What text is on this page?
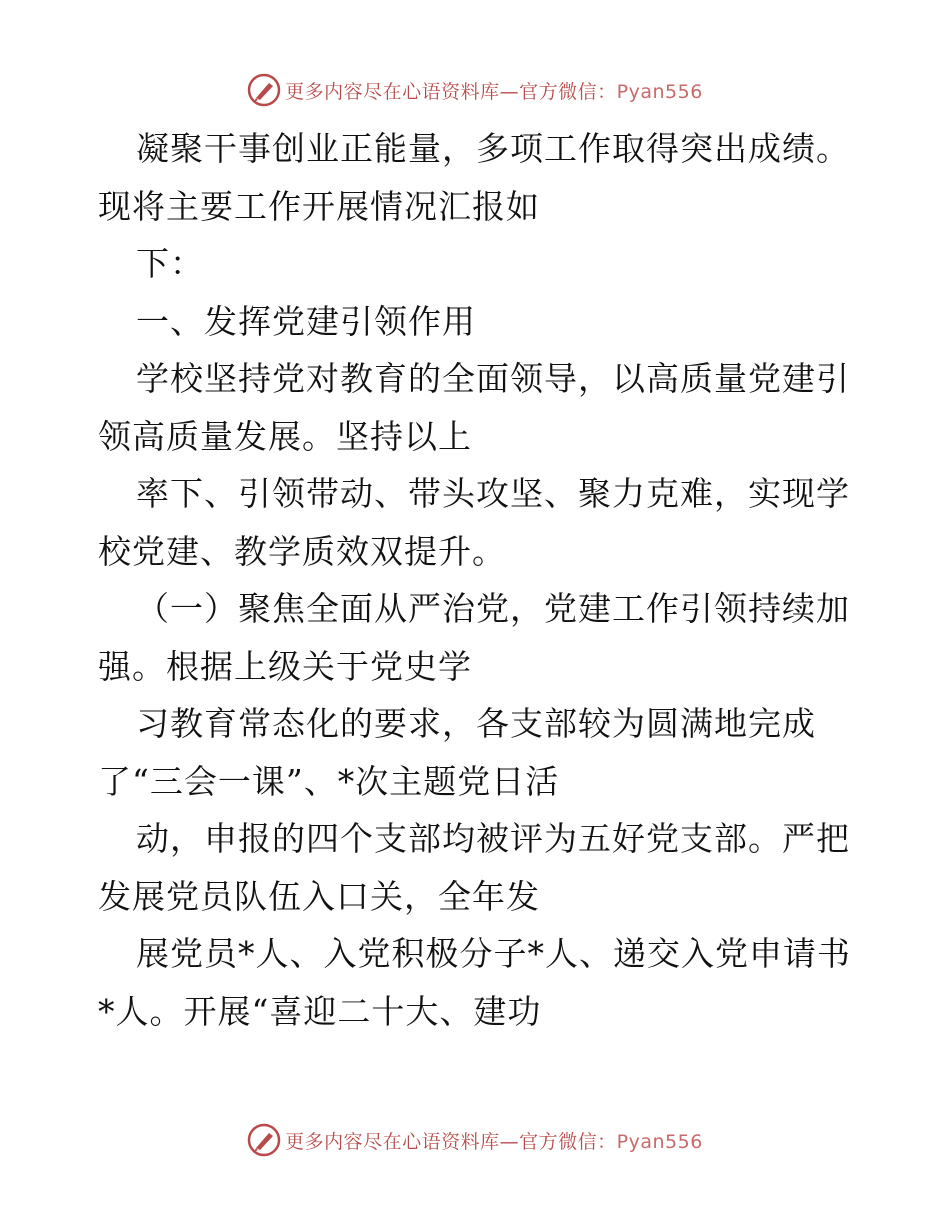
更多内容尽在心语资料库—官方微信：Pyan556
凝聚干事创业正能量，多项工作取得突出成绩。
现将主要工作开展情况汇报如
下：
一、发挥党建引领作用
学校坚持党对教育的全面领导，以高质量党建引
领高质量发展。坚持以上
率下、引领带动、带头攻坚、聚力克难，实现学
校党建、教学质效双提升。
（一）聚焦全面从严治党，党建工作引领持续加
强。根据上级关于党史学
习教育常态化的要求，各支部较为圆满地完成
了“三会一课”、*次主题党日活
动，申报的四个支部均被评为五好党支部。严把
发展党员队伍入口关，全年发
展党员*人、入党积极分子*人、递交入党申请书
*人。开展“喜迎二十大、建功
更多内容尽在心语资料库—官方微信：Pyan556
